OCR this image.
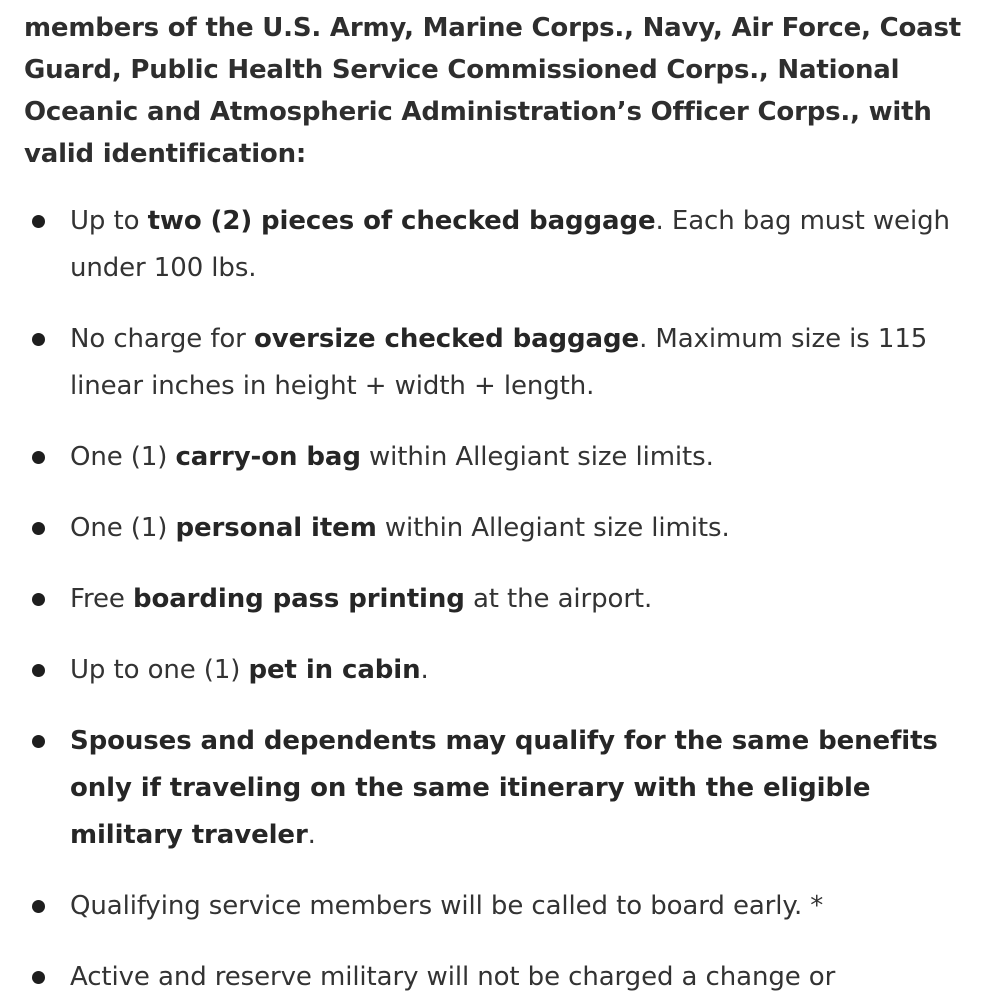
members of the U.S. Army, Marine Corps., Navy, Air Force, Coast Guard, Public Health Service Commissioned Corps., National Oceanic and Atmospheric Administration’s Officer Corps., with valid identification:

Up to two (2) pieces of checked baggage. Each bag must weigh under 100 lbs.
No charge for oversize checked baggage. Maximum size is 115 linear inches in height + width + length.
One (1) carry-on bag within Allegiant size limits.
One (1) personal item within Allegiant size limits.
Free boarding pass printing at the airport.
Up to one (1) pet in cabin.
Spouses and dependents may qualify for the same benefits only if traveling on the same itinerary with the eligible military traveler.
Qualifying service members will be called to board early. *
Active and reserve military will not be charged a change or
